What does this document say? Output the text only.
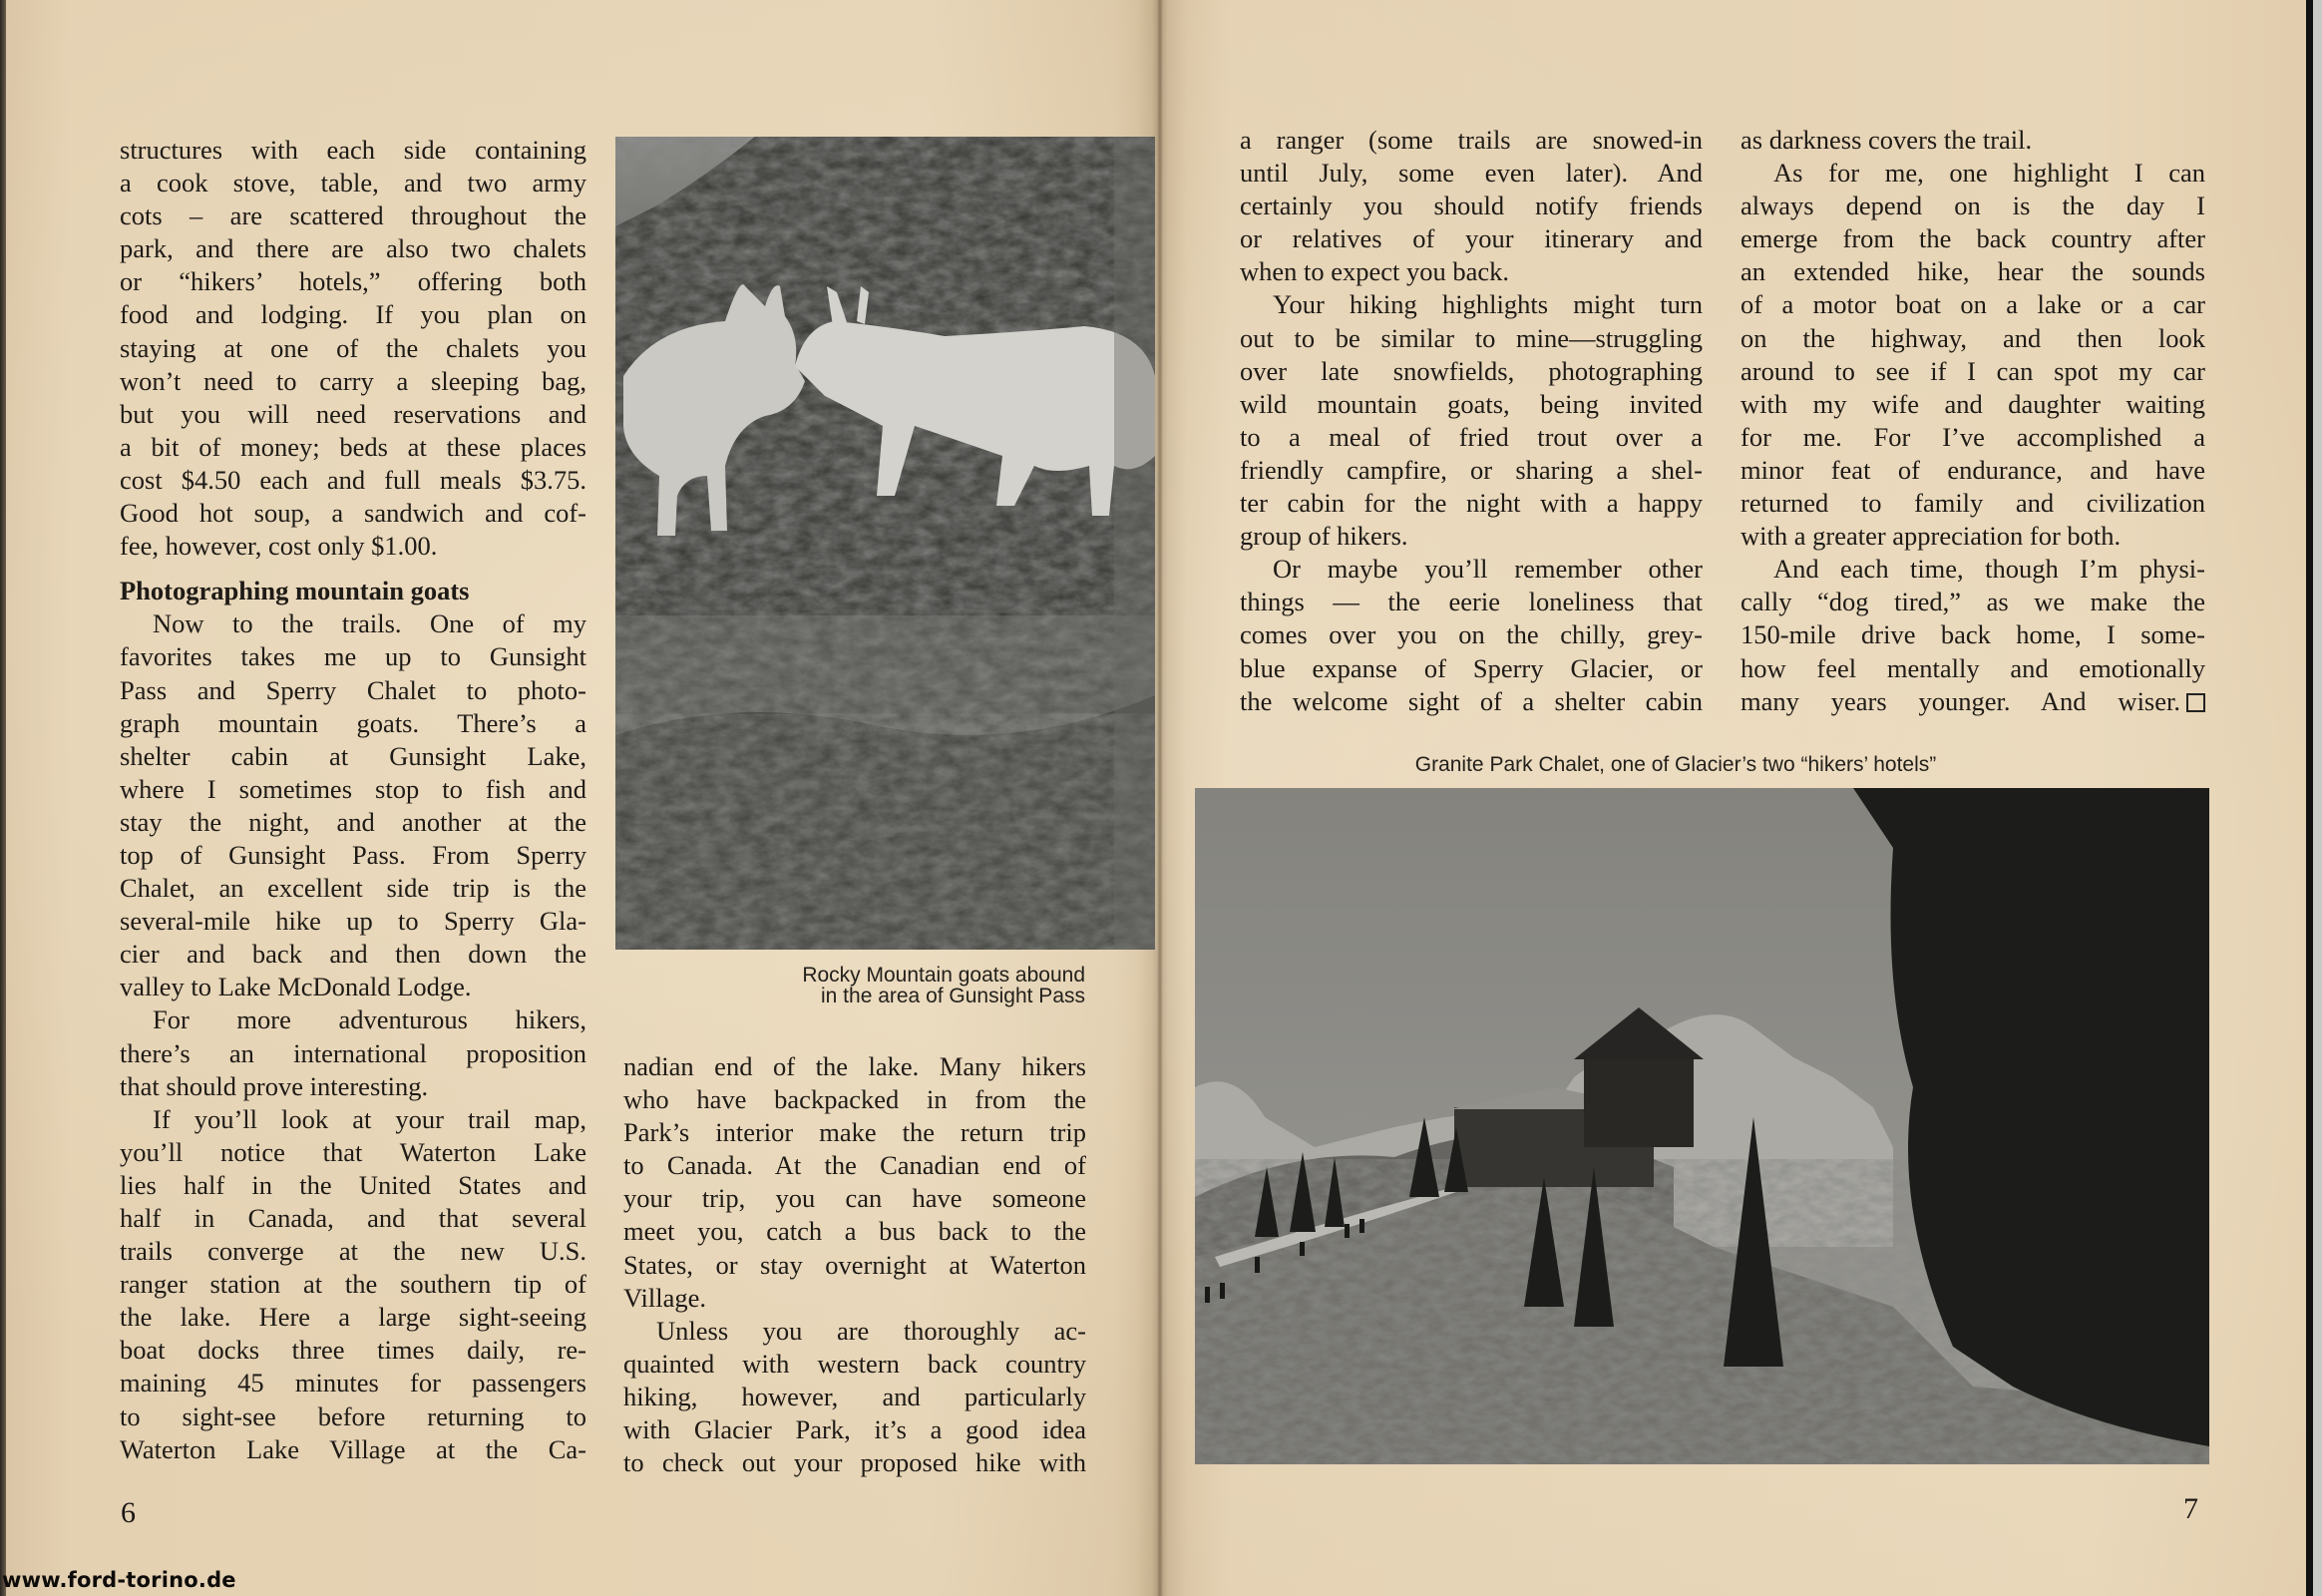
structures with each side containing
a cook stove, table, and two army
cots – are scattered throughout the
park, and there are also two chalets
or “hikers’ hotels,” offering both
food and lodging. If you plan on
staying at one of the chalets you
won’t need to carry a sleeping bag,
but you will need reservations and
a bit of money; beds at these places
cost $4.50 each and full meals $3.75.
Good hot soup, a sandwich and cof-
fee, however, cost only $1.00.
Photographing mountain goats
Now to the trails. One of my
favorites takes me up to Gunsight
Pass and Sperry Chalet to photo-
graph mountain goats. There’s a
shelter cabin at Gunsight Lake,
where I sometimes stop to fish and
stay the night, and another at the
top of Gunsight Pass. From Sperry
Chalet, an excellent side trip is the
several-mile hike up to Sperry Gla-
cier and back and then down the
valley to Lake McDonald Lodge.
For more adventurous hikers,
there’s an international proposition
that should prove interesting.
If you’ll look at your trail map,
you’ll notice that Waterton Lake
lies half in the United States and
half in Canada, and that several
trails converge at the new U.S.
ranger station at the southern tip of
the lake. Here a large sight-seeing
boat docks three times daily, re-
maining 45 minutes for passengers
to sight-see before returning to
Waterton Lake Village at the Ca-
Rocky Mountain goats abound
in the area of Gunsight Pass
nadian end of the lake. Many hikers
who have backpacked in from the
Park’s interior make the return trip
to Canada. At the Canadian end of
your trip, you can have someone
meet you, catch a bus back to the
States, or stay overnight at Waterton
Village.
Unless you are thoroughly ac-
quainted with western back country
hiking, however, and particularly
with Glacier Park, it’s a good idea
to check out your proposed hike with
6
a ranger (some trails are snowed-in
until July, some even later). And
certainly you should notify friends
or relatives of your itinerary and
when to expect you back.
Your hiking highlights might turn
out to be similar to mine—struggling
over late snowfields, photographing
wild mountain goats, being invited
to a meal of fried trout over a
friendly campfire, or sharing a shel-
ter cabin for the night with a happy
group of hikers.
Or maybe you’ll remember other
things — the eerie loneliness that
comes over you on the chilly, grey-
blue expanse of Sperry Glacier, or
the welcome sight of a shelter cabin
as darkness covers the trail.
As for me, one highlight I can
always depend on is the day I
emerge from the back country after
an extended hike, hear the sounds
of a motor boat on a lake or a car
on the highway, and then look
around to see if I can spot my car
with my wife and daughter waiting
for me. For I’ve accomplished a
minor feat of endurance, and have
returned to family and civilization
with a greater appreciation for both.
And each time, though I’m physi-
cally “dog tired,” as we make the
150-mile drive back home, I some-
how feel mentally and emotionally
many years younger. And wiser.
Granite Park Chalet, one of Glacier’s two “hikers’ hotels”
7
www.ford-torino.de
